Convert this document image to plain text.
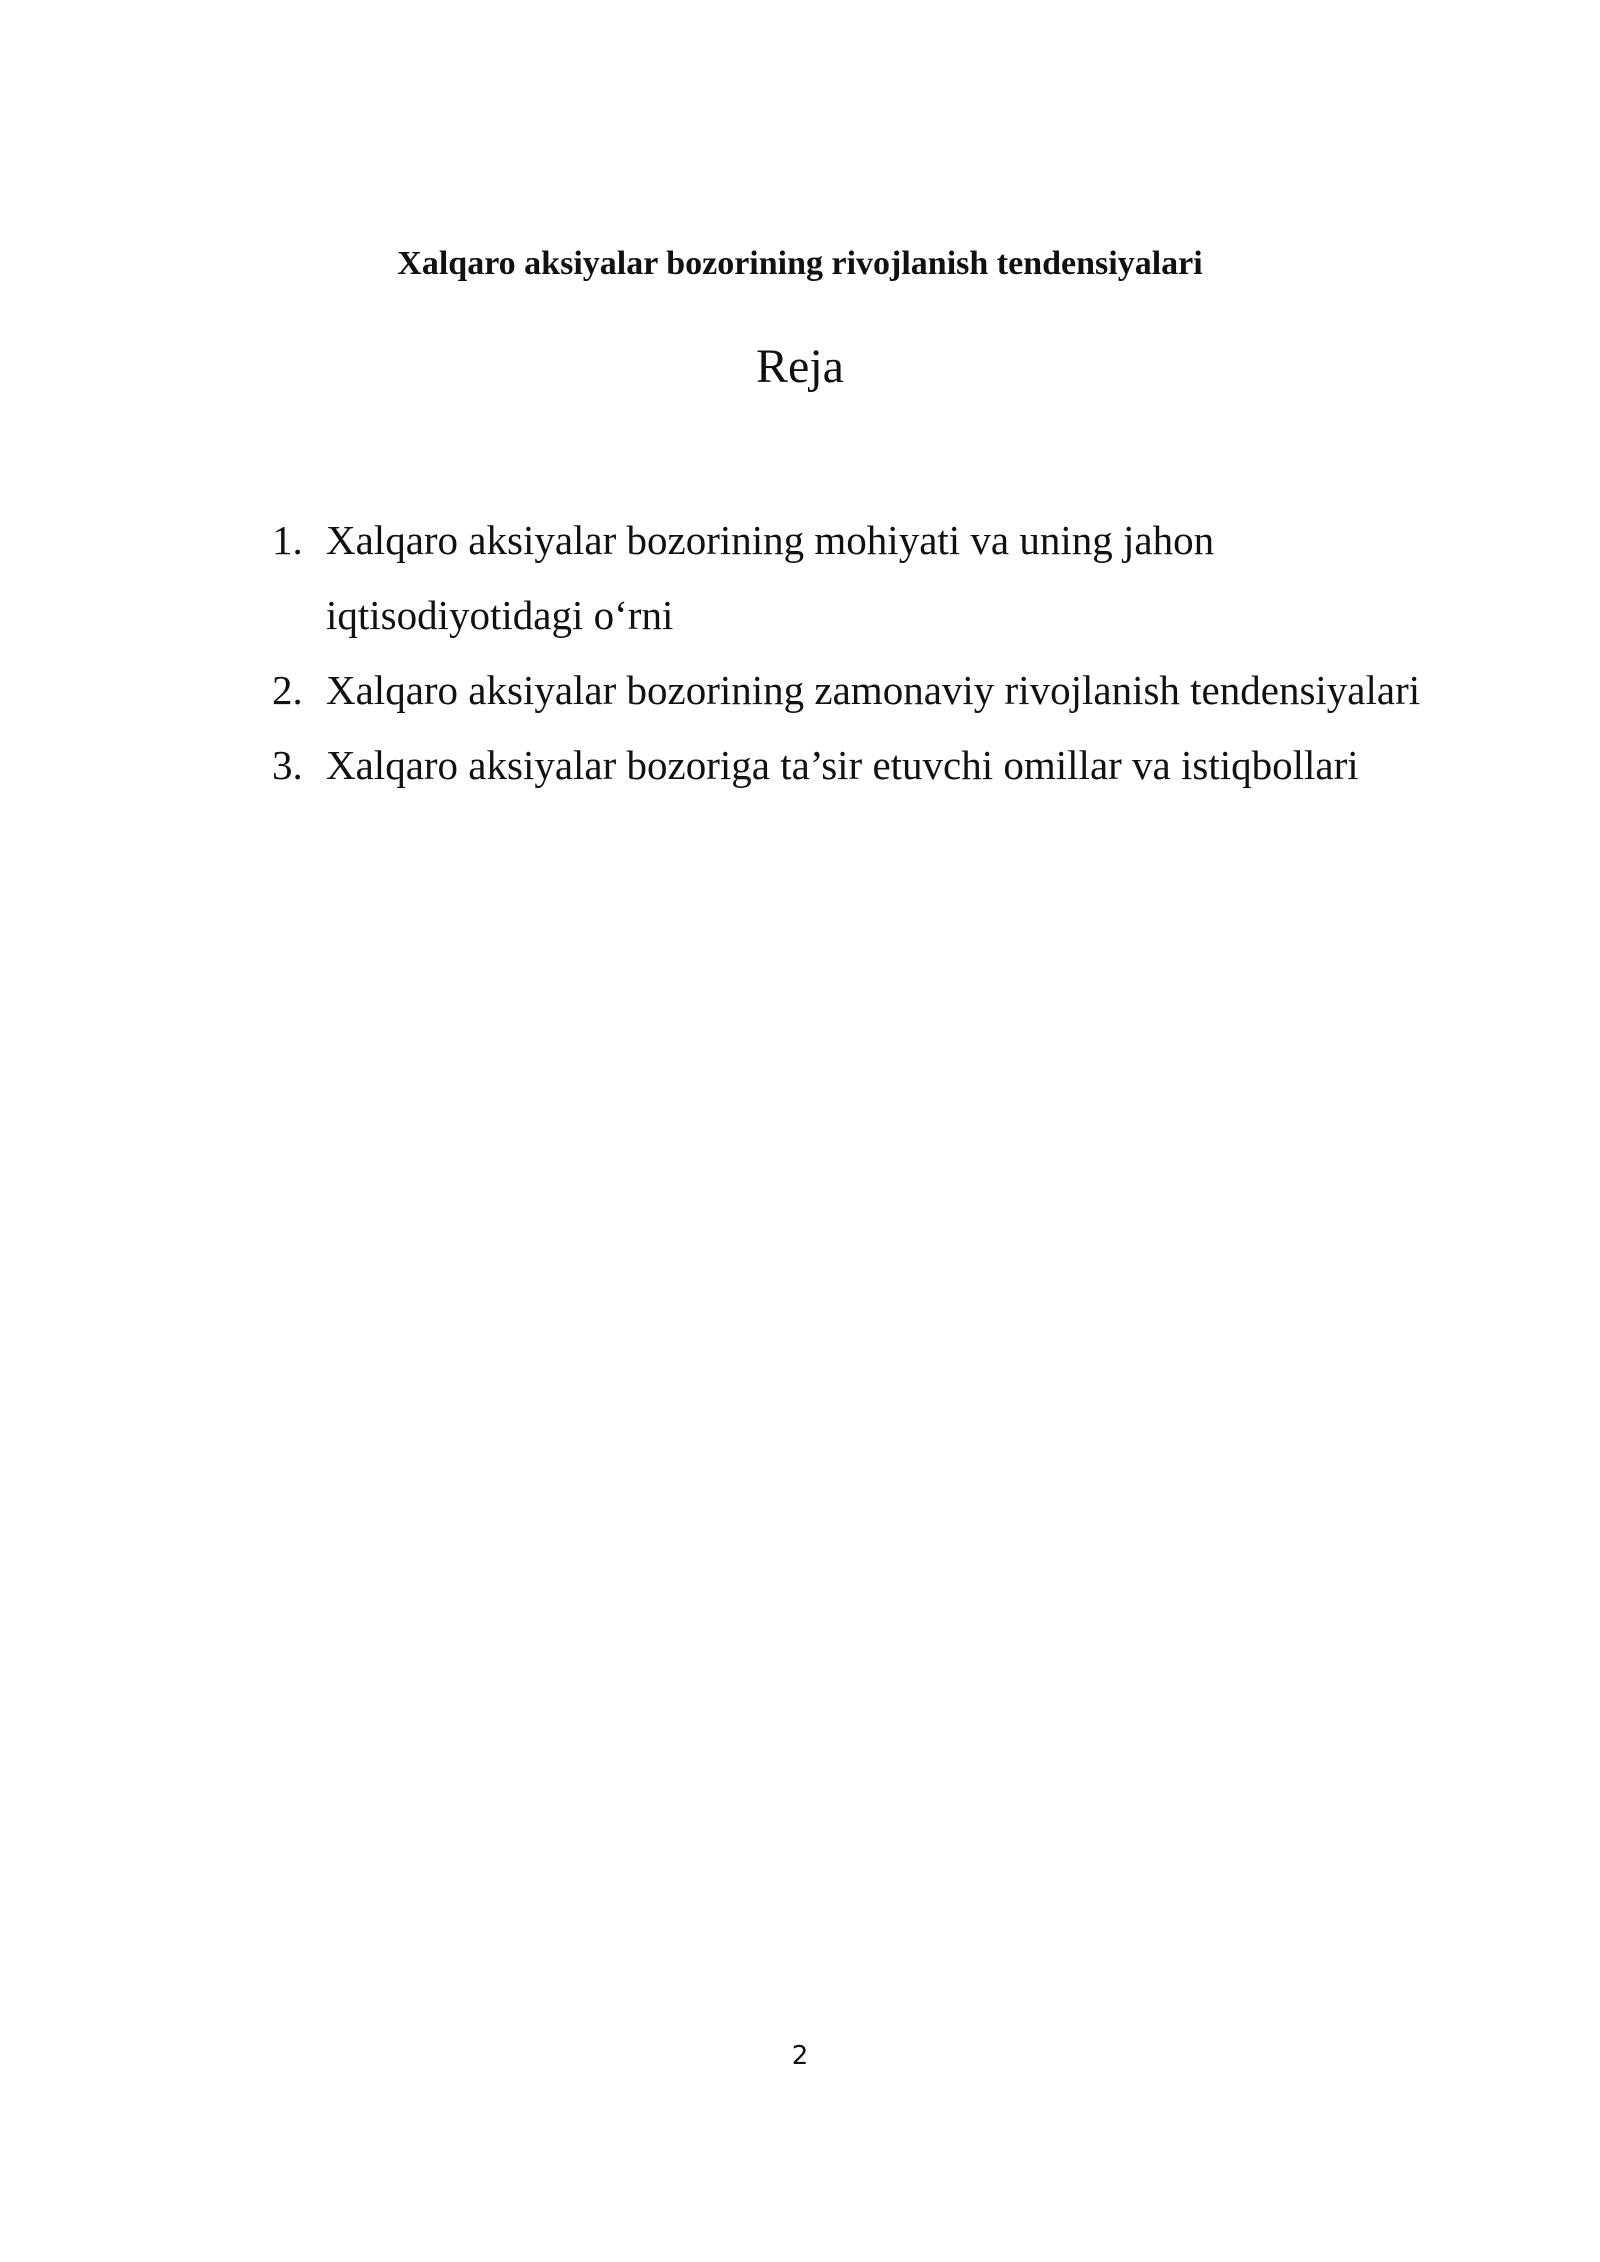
Xalqaro aksiyalar bozorining rivojlanish tendensiyalari
Reja
1. Xalqaro aksiyalar bozorining mohiyati va uning jahon
iqtisodiyotidagi o‘rni
2. Xalqaro aksiyalar bozorining zamonaviy rivojlanish tendensiyalari
3. Xalqaro aksiyalar bozoriga ta’sir etuvchi omillar va istiqbollari
2
